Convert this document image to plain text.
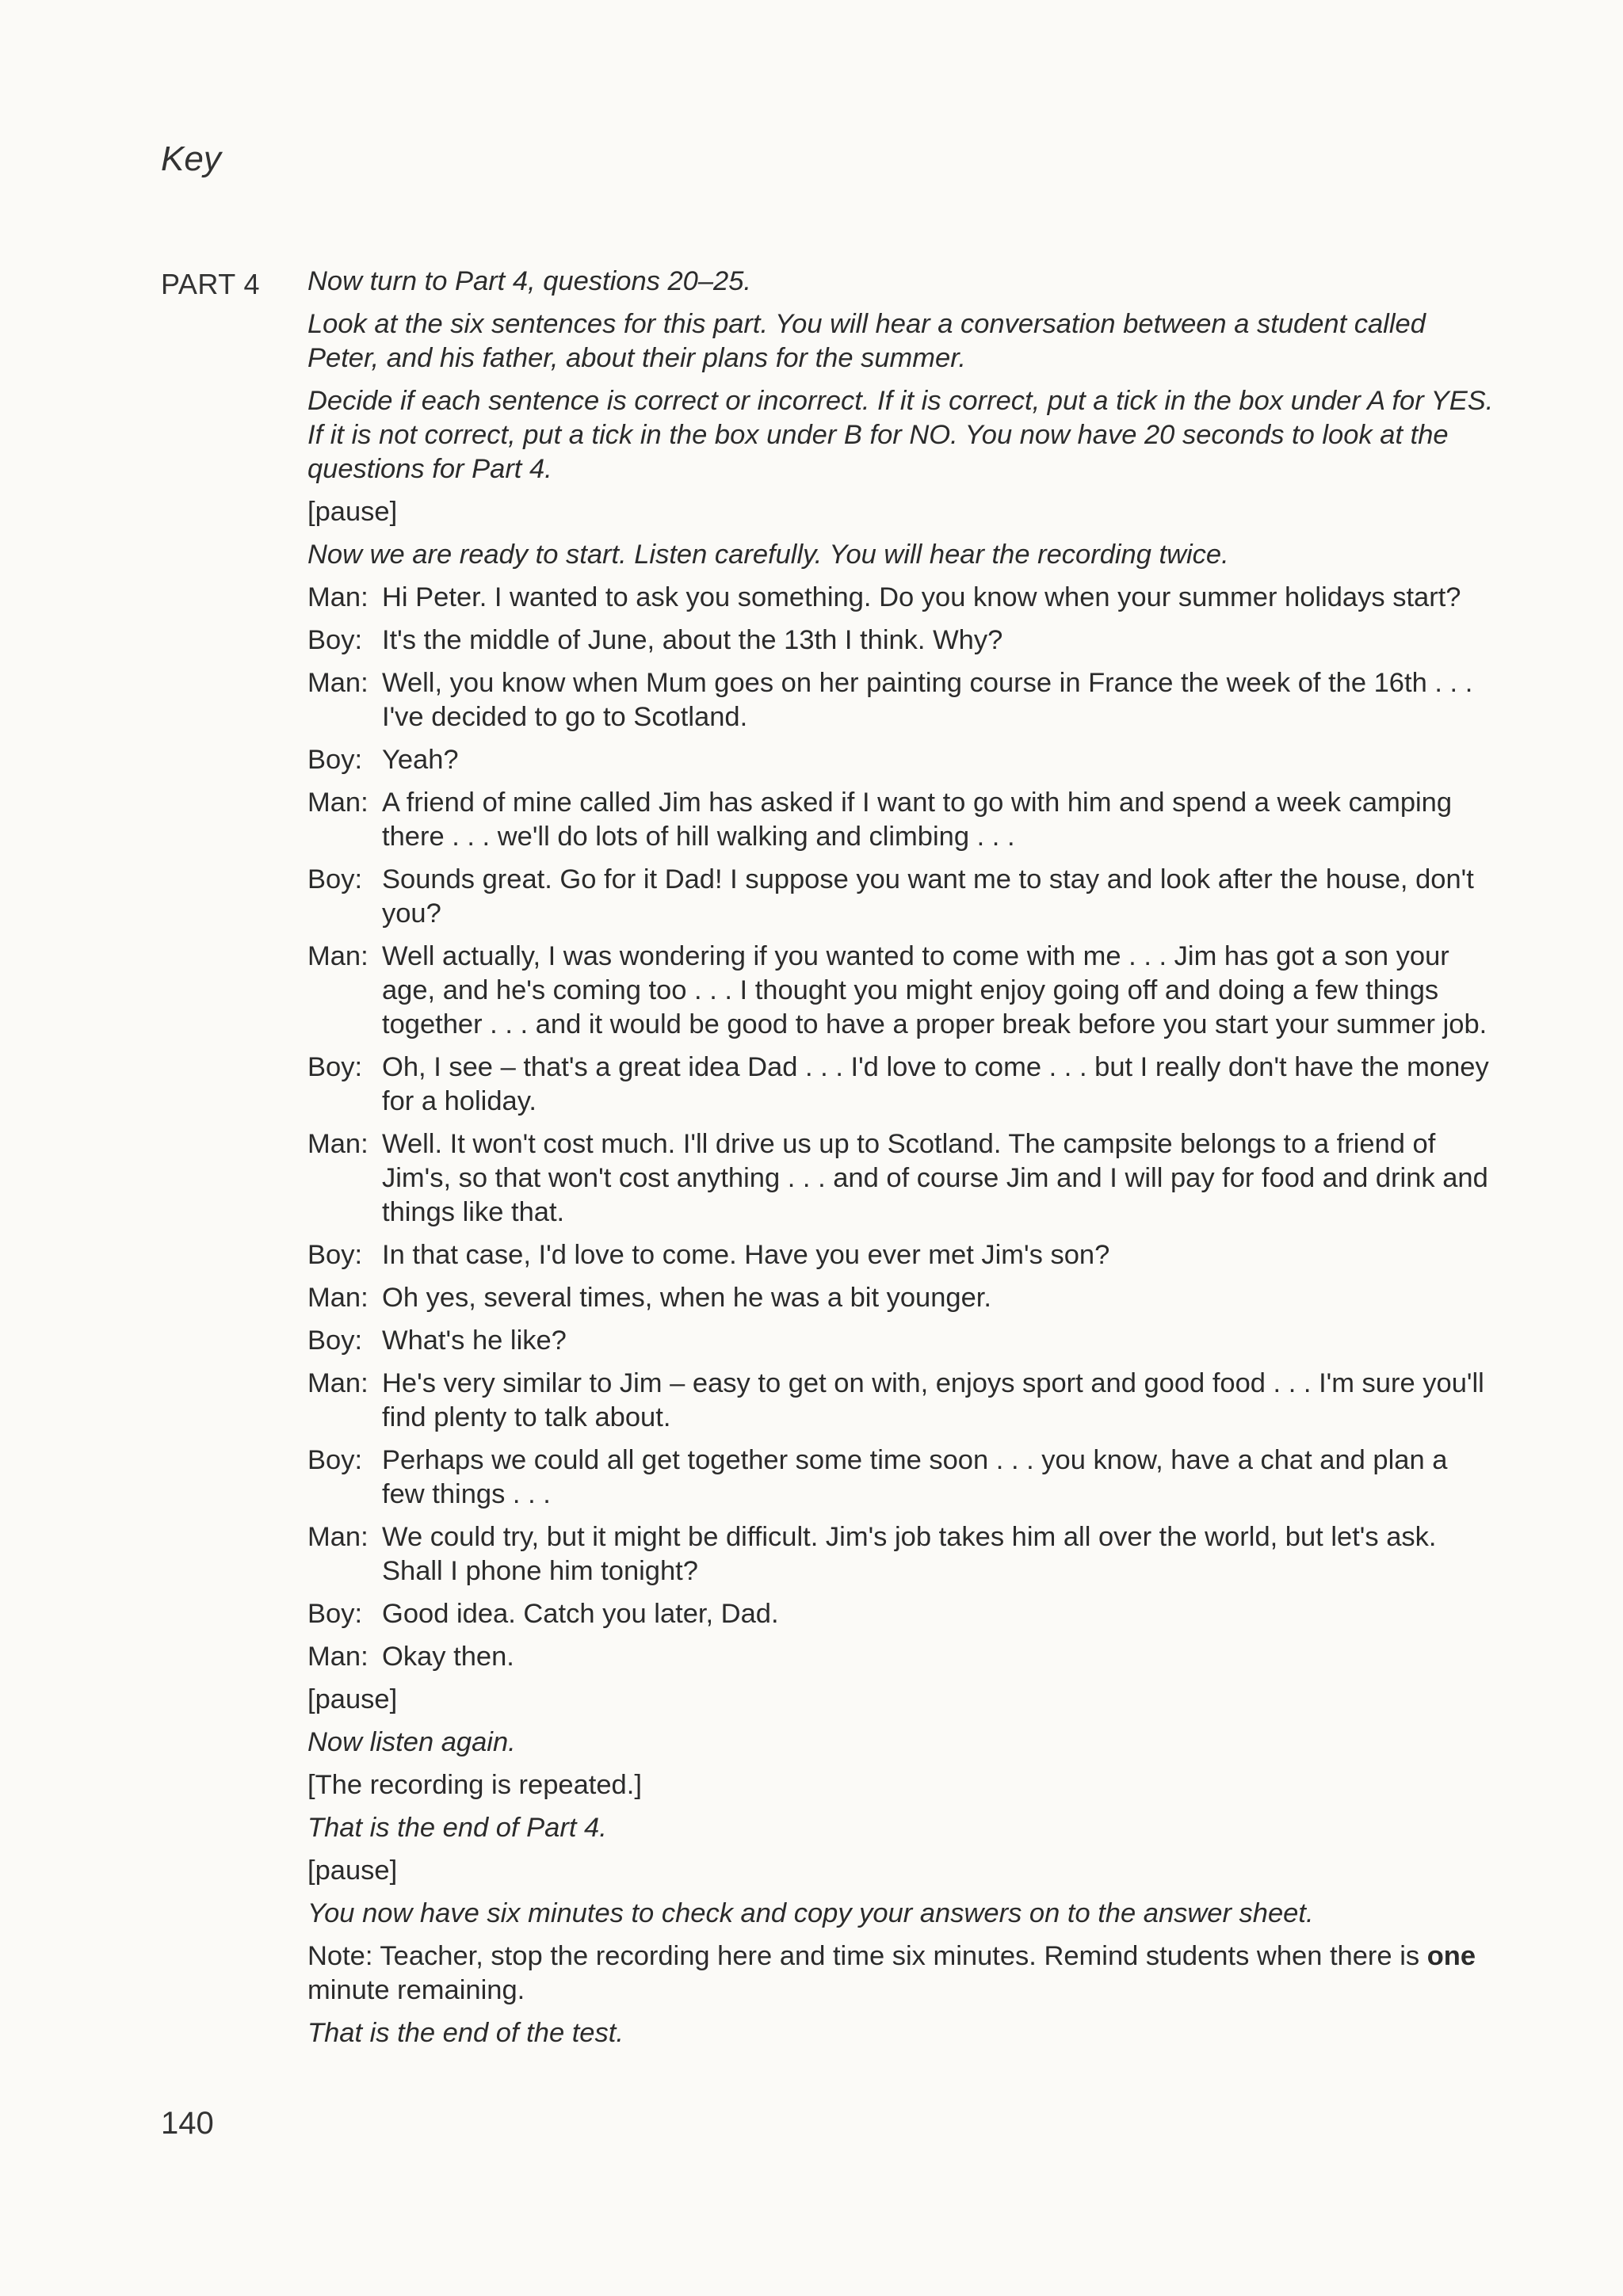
Key
PART 4 Now turn to Part 4, questions 20–25.

Look at the six sentences for this part. You will hear a conversation between a student called Peter, and his father, about their plans for the summer.

Decide if each sentence is correct or incorrect. If it is correct, put a tick in the box under A for YES. If it is not correct, put a tick in the box under B for NO. You now have 20 seconds to look at the questions for Part 4.

[pause]

Now we are ready to start. Listen carefully. You will hear the recording twice.

Man: Hi Peter. I wanted to ask you something. Do you know when your summer holidays start?
Boy: It's the middle of June, about the 13th I think. Why?
Man: Well, you know when Mum goes on her painting course in France the week of the 16th . . . I've decided to go to Scotland.
Boy: Yeah?
Man: A friend of mine called Jim has asked if I want to go with him and spend a week camping there . . . we'll do lots of hill walking and climbing . . .
Boy: Sounds great. Go for it Dad! I suppose you want me to stay and look after the house, don't you?
Man: Well actually, I was wondering if you wanted to come with me . . . Jim has got a son your age, and he's coming too . . . I thought you might enjoy going off and doing a few things together . . . and it would be good to have a proper break before you start your summer job.
Boy: Oh, I see – that's a great idea Dad . . . I'd love to come . . . but I really don't have the money for a holiday.
Man: Well. It won't cost much. I'll drive us up to Scotland. The campsite belongs to a friend of Jim's, so that won't cost anything . . . and of course Jim and I will pay for food and drink and things like that.
Boy: In that case, I'd love to come. Have you ever met Jim's son?
Man: Oh yes, several times, when he was a bit younger.
Boy: What's he like?
Man: He's very similar to Jim – easy to get on with, enjoys sport and good food . . . I'm sure you'll find plenty to talk about.
Boy: Perhaps we could all get together some time soon . . . you know, have a chat and plan a few things . . .
Man: We could try, but it might be difficult. Jim's job takes him all over the world, but let's ask. Shall I phone him tonight?
Boy: Good idea. Catch you later, Dad.
Man: Okay then.

[pause]

Now listen again.

[The recording is repeated.]

That is the end of Part 4.

[pause]

You now have six minutes to check and copy your answers on to the answer sheet.

Note: Teacher, stop the recording here and time six minutes. Remind students when there is one minute remaining.

That is the end of the test.

140
